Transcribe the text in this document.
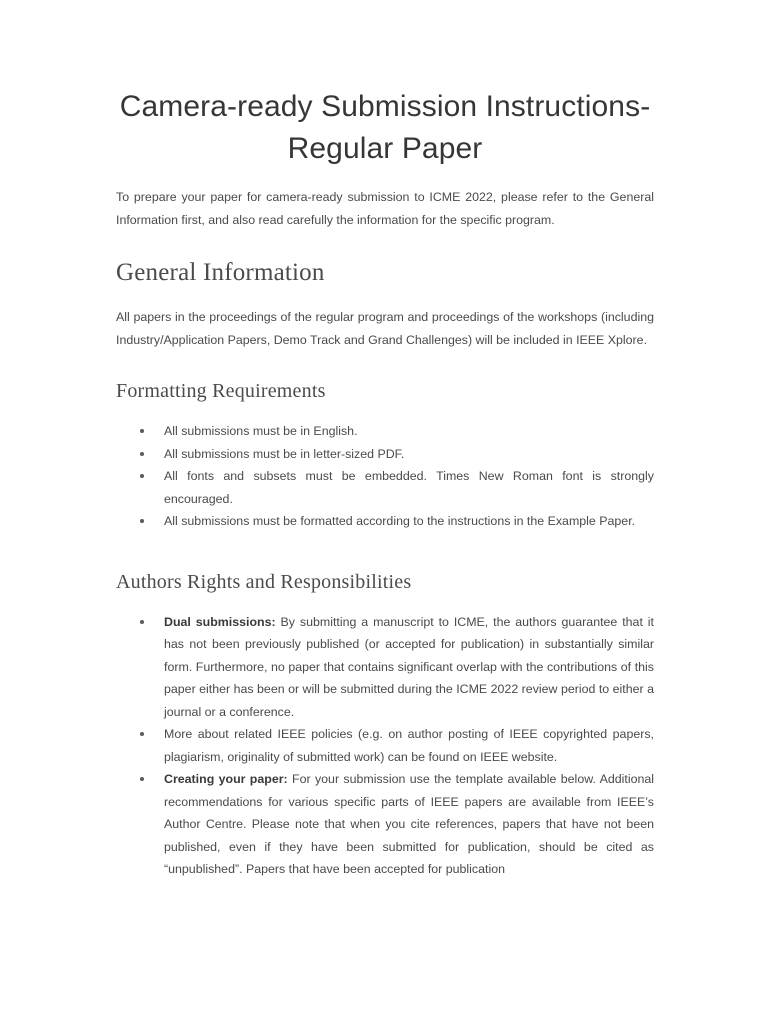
Camera-ready Submission Instructions-Regular Paper

To prepare your paper for camera-ready submission to ICME 2022, please refer to the General Information first, and also read carefully the information for the specific program.

General Information

All papers in the proceedings of the regular program and proceedings of the workshops (including Industry/Application Papers, Demo Track and Grand Challenges) will be included in IEEE Xplore.

Formatting Requirements
All submissions must be in English.
All submissions must be in letter-sized PDF.
All fonts and subsets must be embedded. Times New Roman font is strongly encouraged.
All submissions must be formatted according to the instructions in the Example Paper.
Authors Rights and Responsibilities
Dual submissions: By submitting a manuscript to ICME, the authors guarantee that it has not been previously published (or accepted for publication) in substantially similar form. Furthermore, no paper that contains significant overlap with the contributions of this paper either has been or will be submitted during the ICME 2022 review period to either a journal or a conference.
More about related IEEE policies (e.g. on author posting of IEEE copyrighted papers, plagiarism, originality of submitted work) can be found on IEEE website.
Creating your paper: For your submission use the template available below. Additional recommendations for various specific parts of IEEE papers are available from IEEE’s Author Centre. Please note that when you cite references, papers that have not been published, even if they have been submitted for publication, should be cited as “unpublished”. Papers that have been accepted for publication
